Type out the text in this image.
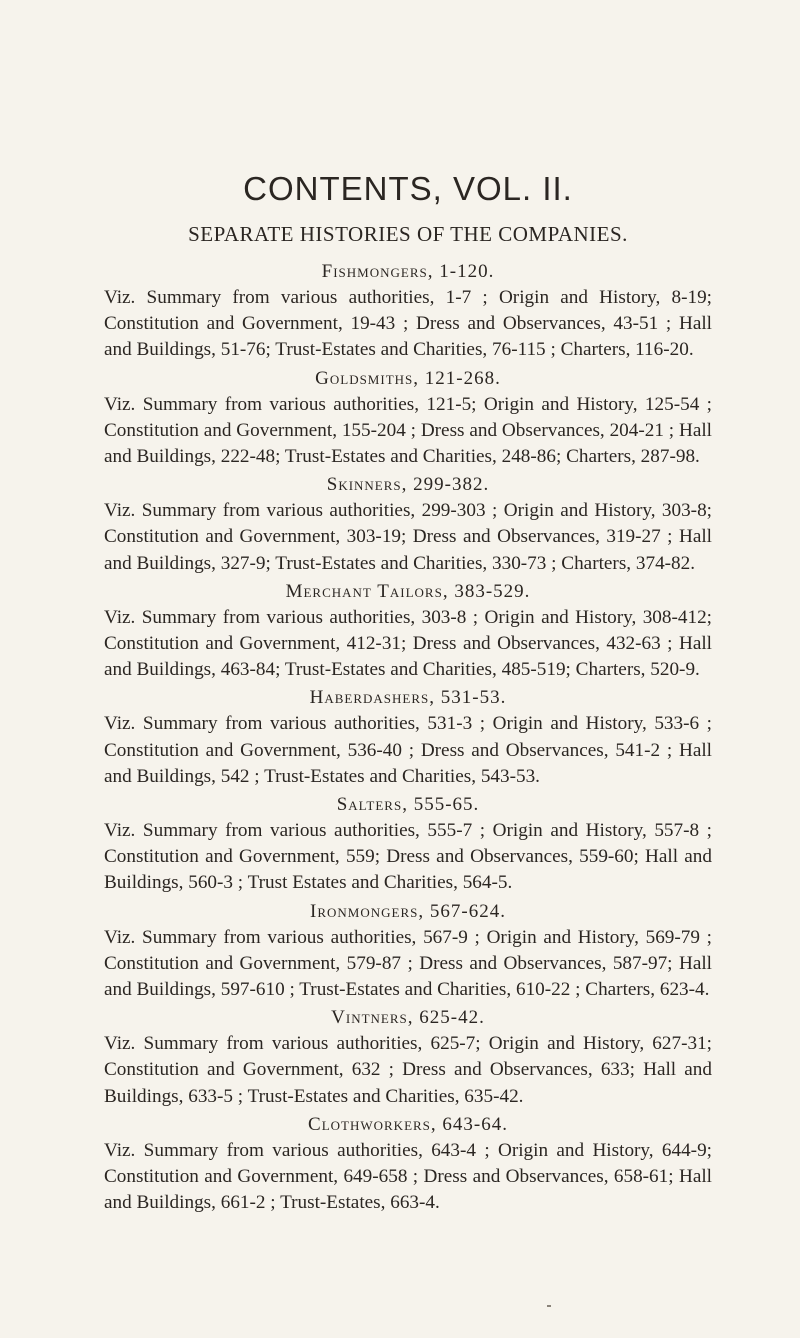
CONTENTS, VOL. II.
SEPARATE HISTORIES OF THE COMPANIES.
Fishmongers, 1-120.

Viz. Summary from various authorities, 1-7 ; Origin and History, 8-19; Constitution and Government, 19-43 ; Dress and Observances, 43-51 ; Hall and Buildings, 51-76; Trust-Estates and Charities, 76-115 ; Charters, 116-20.

Goldsmiths, 121-268.

Viz. Summary from various authorities, 121-5; Origin and History, 125-54 ; Constitution and Government, 155-204 ; Dress and Observances, 204-21 ; Hall and Buildings, 222-48; Trust-Estates and Charities, 248-86; Charters, 287-98.

Skinners, 299-382.

Viz. Summary from various authorities, 299-303 ; Origin and History, 303-8; Constitution and Government, 303-19; Dress and Observances, 319-27 ; Hall and Buildings, 327-9; Trust-Estates and Charities, 330-73 ; Charters, 374-82.

Merchant Tailors, 383-529.

Viz. Summary from various authorities, 303-8 ; Origin and History, 308-412; Constitution and Government, 412-31; Dress and Observances, 432-63 ; Hall and Buildings, 463-84; Trust-Estates and Charities, 485-519; Charters, 520-9.

Haberdashers, 531-53.

Viz. Summary from various authorities, 531-3 ; Origin and History, 533-6 ; Constitution and Government, 536-40 ; Dress and Observances, 541-2 ; Hall and Buildings, 542 ; Trust-Estates and Charities, 543-53.

Salters, 555-65.

Viz. Summary from various authorities, 555-7 ; Origin and History, 557-8 ; Constitution and Government, 559; Dress and Observances, 559-60; Hall and Buildings, 560-3 ; Trust Estates and Charities, 564-5.

Ironmongers, 567-624.

Viz. Summary from various authorities, 567-9 ; Origin and History, 569-79 ; Constitution and Government, 579-87 ; Dress and Observances, 587-97; Hall and Buildings, 597-610 ; Trust-Estates and Charities, 610-22 ; Charters, 623-4.

Vintners, 625-42.

Viz. Summary from various authorities, 625-7; Origin and History, 627-31; Constitution and Government, 632 ; Dress and Observances, 633; Hall and Buildings, 633-5 ; Trust-Estates and Charities, 635-42.

Clothworkers, 643-64.

Viz. Summary from various authorities, 643-4 ; Origin and History, 644-9; Constitution and Government, 649-658 ; Dress and Observances, 658-61; Hall and Buildings, 661-2 ; Trust-Estates, 663-4.
